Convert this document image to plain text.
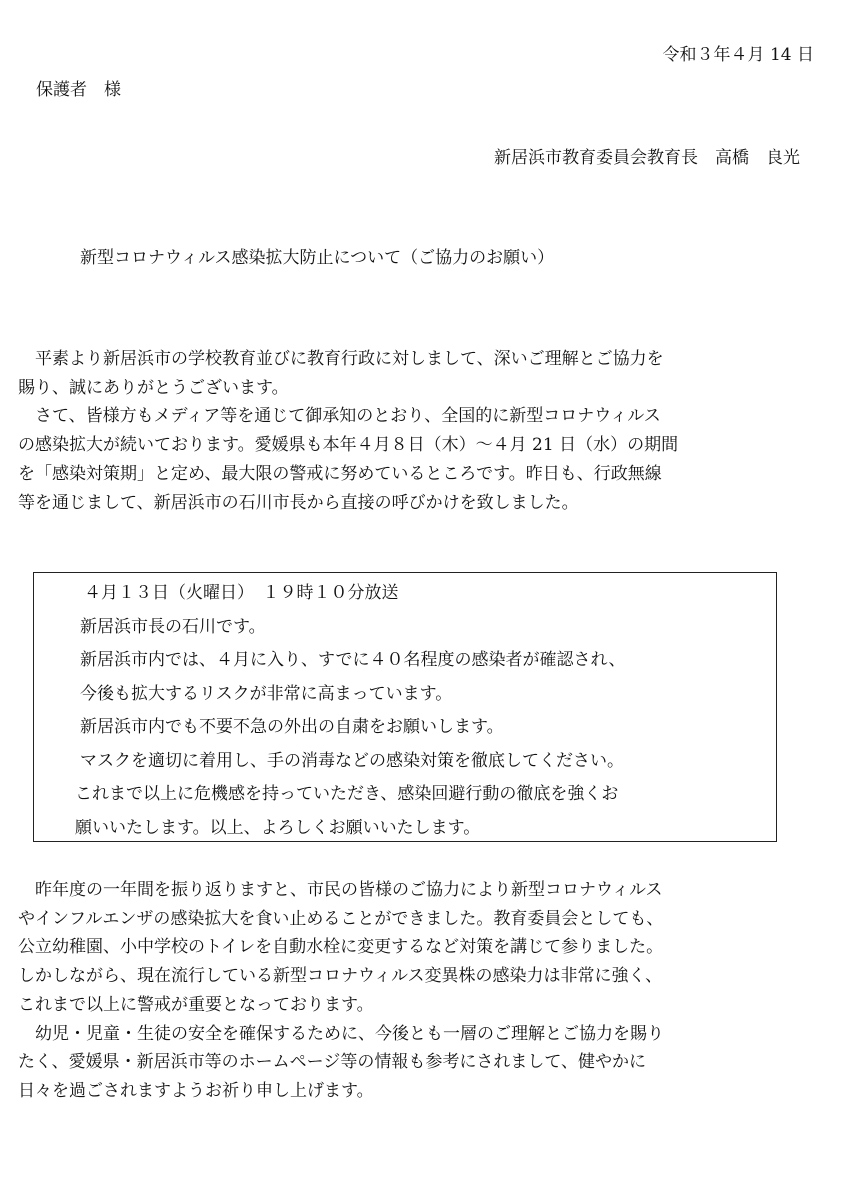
令和３年４月 14 日
保護者　様
新居浜市教育委員会教育長　高橋　良光
新型コロナウィルス感染拡大防止について（ご協力のお願い）
　平素より新居浜市の学校教育並びに教育行政に対しまして、深いご理解とご協力を
賜り、誠にありがとうございます。
　さて、皆様方もメディア等を通じて御承知のとおり、全国的に新型コロナウィルス
の感染拡大が続いております。愛媛県も本年４月８日（木）～４月 21 日（水）の期間
を「感染対策期」と定め、最大限の警戒に努めているところです。昨日も、行政無線
等を通じまして、新居浜市の石川市長から直接の呼びかけを致しました。
４月１３日（火曜日）　１９時１０分放送
新居浜市長の石川です。
新居浜市内では、４月に入り、すでに４０名程度の感染者が確認され、
今後も拡大するリスクが非常に高まっています。
新居浜市内でも不要不急の外出の自粛をお願いします。
マスクを適切に着用し、手の消毒などの感染対策を徹底してください。
これまで以上に危機感を持っていただき、感染回避行動の徹底を強くお
願いいたします。以上、よろしくお願いいたします。
　昨年度の一年間を振り返りますと、市民の皆様のご協力により新型コロナウィルス
やインフルエンザの感染拡大を食い止めることができました。教育委員会としても、
公立幼稚園、小中学校のトイレを自動水栓に変更するなど対策を講じて参りました。
しかしながら、現在流行している新型コロナウィルス変異株の感染力は非常に強く、
これまで以上に警戒が重要となっております。
　幼児・児童・生徒の安全を確保するために、今後とも一層のご理解とご協力を賜り
たく、愛媛県・新居浜市等のホームページ等の情報も参考にされまして、健やかに
日々を過ごされますようお祈り申し上げます。
